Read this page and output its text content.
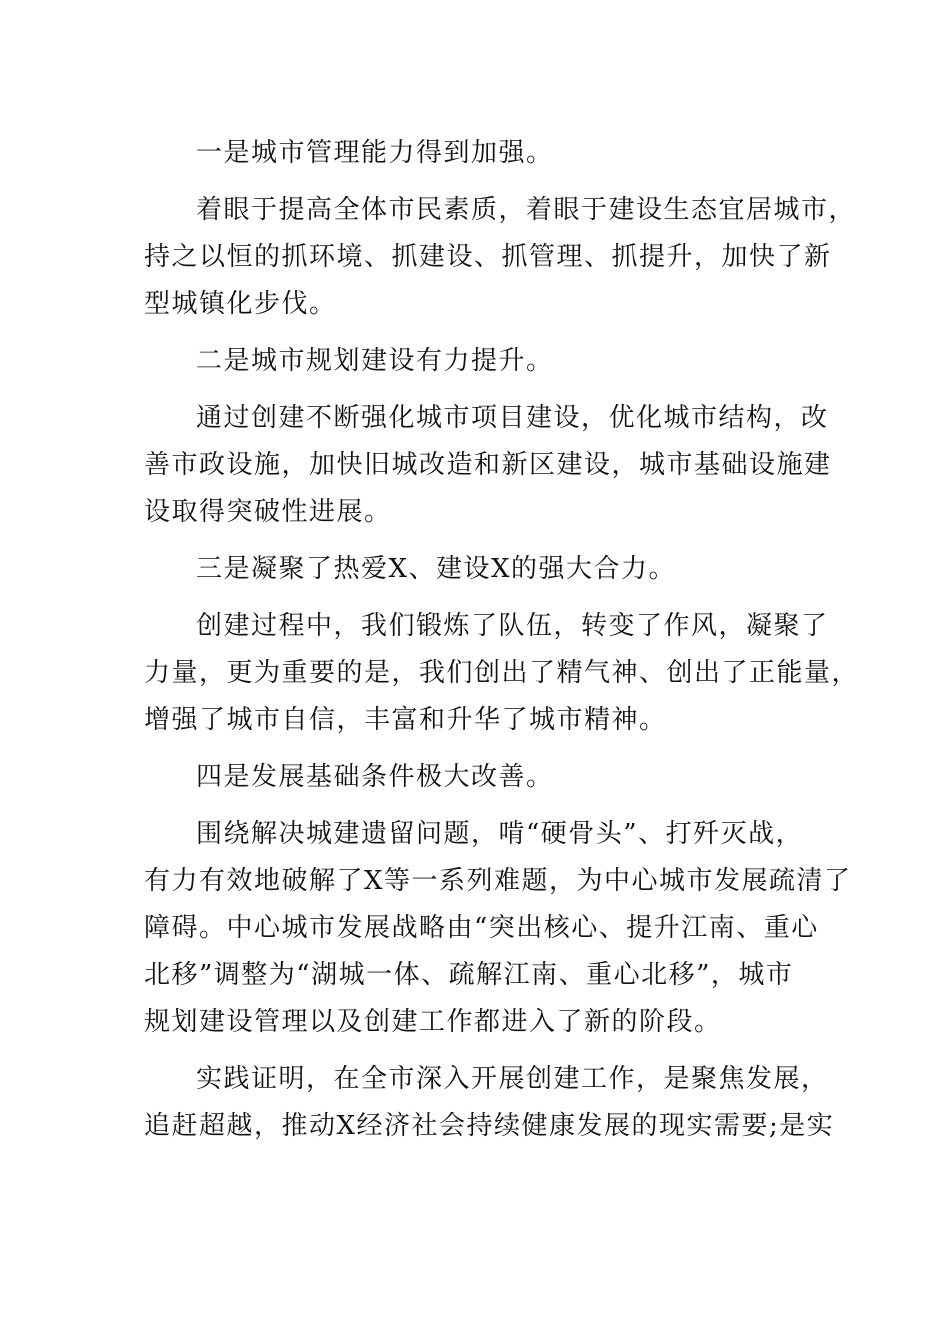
一是城市管理能力得到加强。
着眼于提高全体市民素质，着眼于建设生态宜居城市，
持之以恒的抓环境、抓建设、抓管理、抓提升，加快了新
型城镇化步伐。
二是城市规划建设有力提升。
通过创建不断强化城市项目建设，优化城市结构，改
善市政设施，加快旧城改造和新区建设，城市基础设施建
设取得突破性进展。
三是凝聚了热爱X、建设X的强大合力。
创建过程中，我们锻炼了队伍，转变了作风，凝聚了
力量，更为重要的是，我们创出了精气神、创出了正能量，
增强了城市自信，丰富和升华了城市精神。
四是发展基础条件极大改善。
围绕解决城建遗留问题，啃“硬骨头”、打歼灭战，
有力有效地破解了X等一系列难题，为中心城市发展疏清了
障碍。中心城市发展战略由“突出核心、提升江南、重心
北移”调整为“湖城一体、疏解江南、重心北移”，城市
规划建设管理以及创建工作都进入了新的阶段。
实践证明，在全市深入开展创建工作，是聚焦发展，
追赶超越，推动X经济社会持续健康发展的现实需要;是实
